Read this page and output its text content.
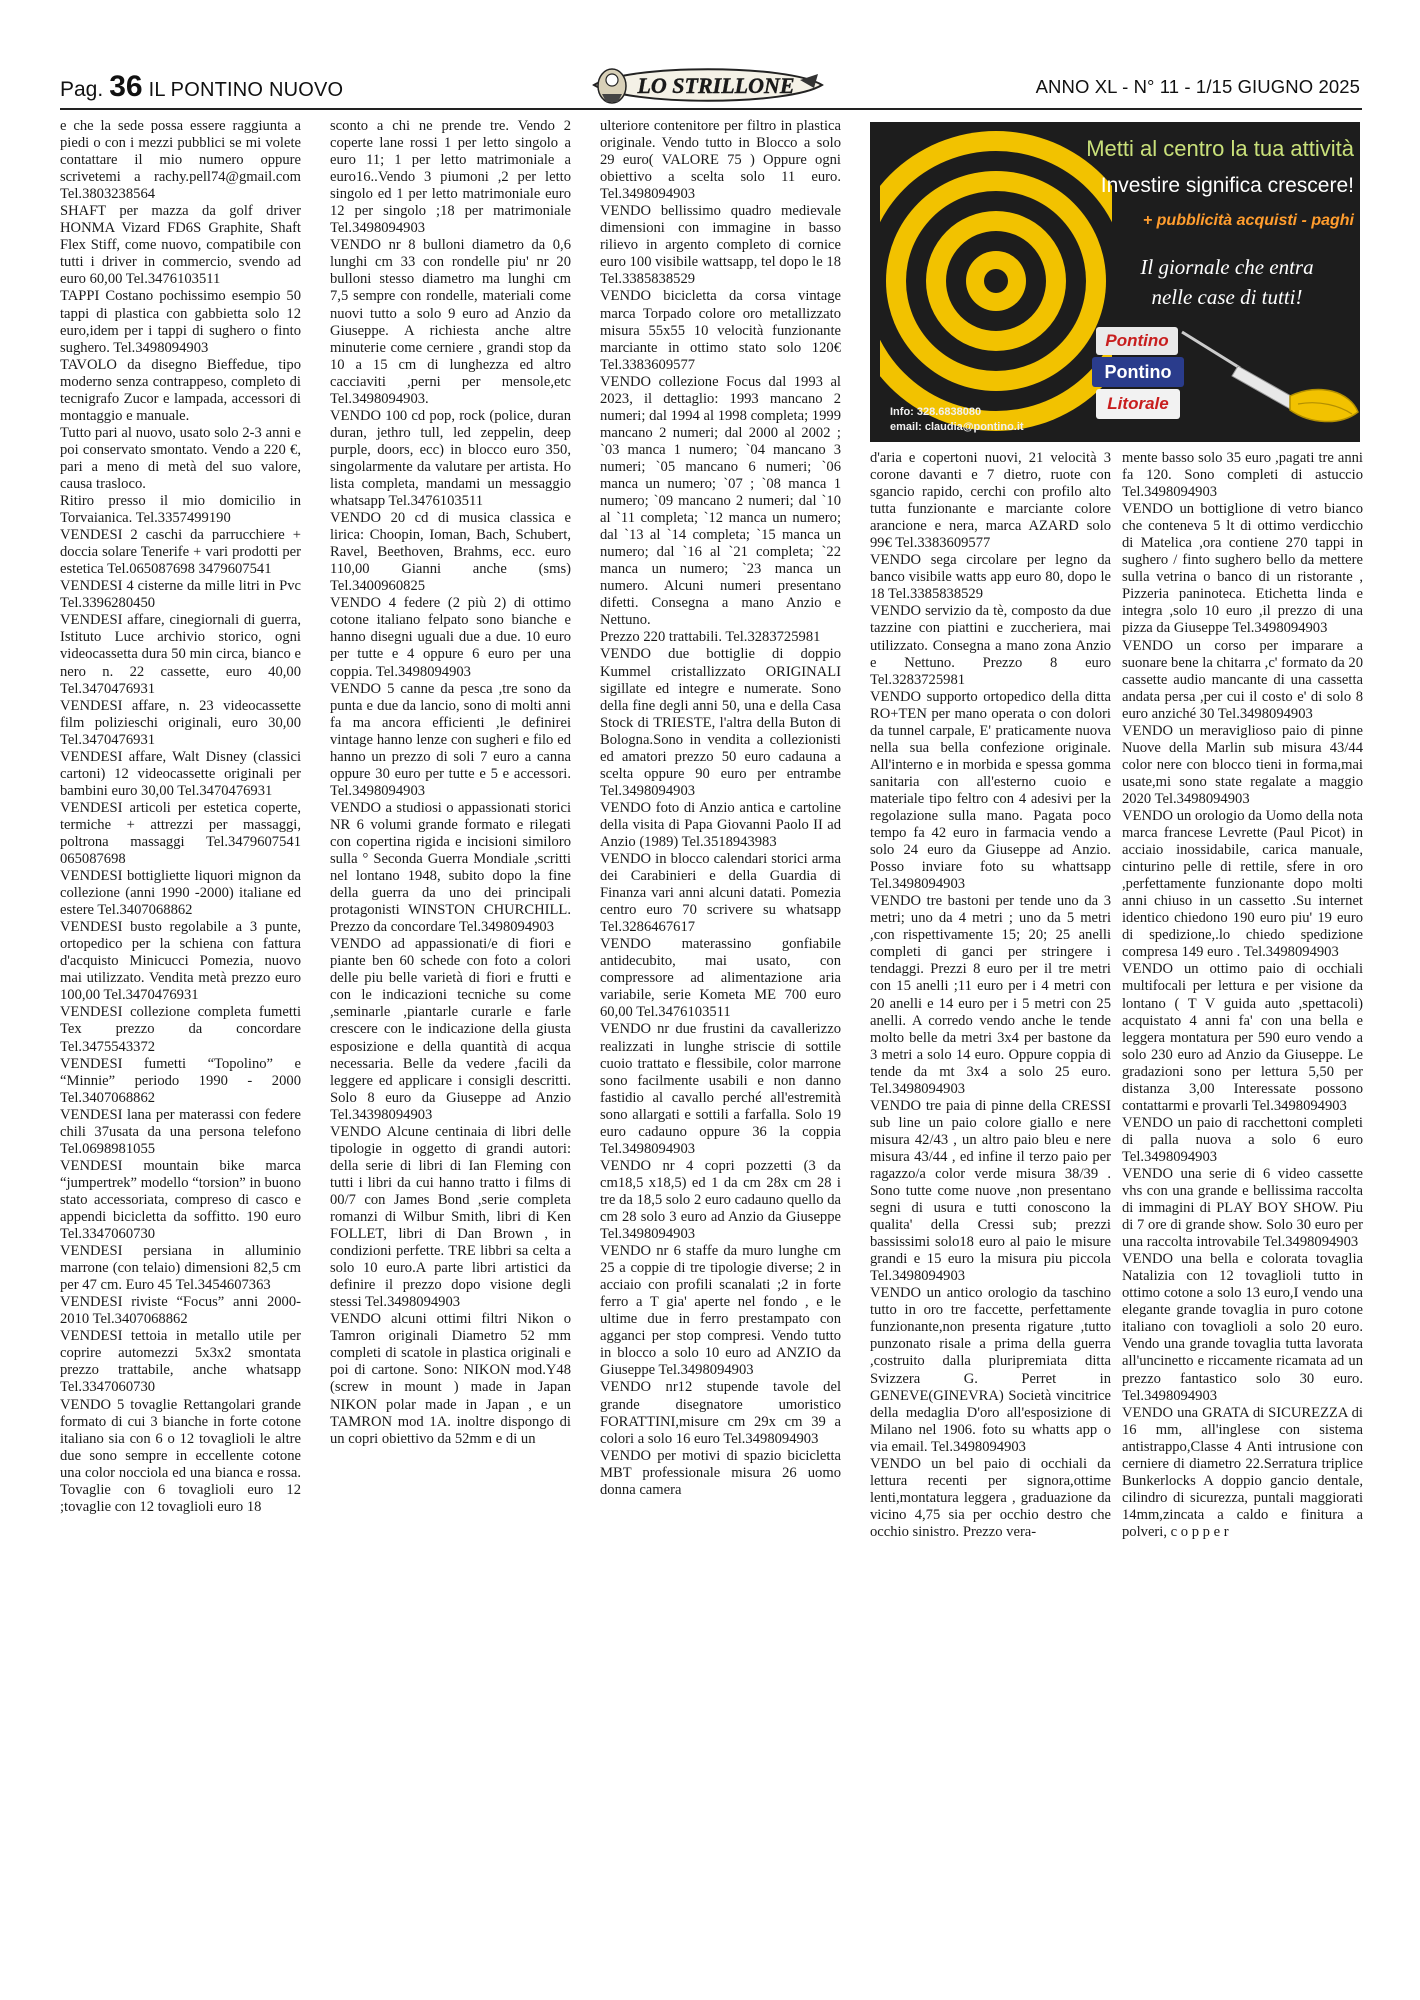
Pag. 36 IL PONTINO NUOVO	LO STRILLONE	ANNO XL - N° 11 - 1/15 GIUGNO 2025

e che la sede possa essere raggiunta a piedi o con i mezzi pubblici se mi volete contattare il mio numero oppure scrivetemi a rachy.pell74@gmail.com Tel.3803238564

SHAFT per mazza da golf driver HONMA Vizard FD6S Graphite, Shaft Flex Stiff, come nuovo, compatibile con tutti i driver in commercio, svendo ad euro 60,00 Tel.3476103511

TAPPI Costano pochissimo esempio 50 tappi di plastica con gabbietta solo 12 euro,idem per i tappi di sughero o finto sughero. Tel.3498094903

TAVOLO da disegno Bieffedue, tipo moderno senza contrappeso, completo di tecnigrafo Zucor e lampada, accessori di montaggio e manuale.

Tutto pari al nuovo, usato solo 2-3 anni e poi conservato smontato. Vendo a 220 €, pari a meno di metà del suo valore, causa trasloco.

Ritiro presso il mio domicilio in Torvaianica. Tel.3357499190

VENDESI 2 caschi da parrucchiere + doccia solare Tenerife + vari prodotti per estetica Tel.065087698 3479607541

VENDESI 4 cisterne da mille litri in Pvc Tel.3396280450

VENDESI affare, cinegiornali di guerra, Istituto Luce archivio storico, ogni videocassetta dura 50 min circa, bianco e nero n. 22 cassette, euro 40,00 Tel.3470476931

VENDESI affare, n. 23 videocassette film polizieschi originali, euro 30,00 Tel.3470476931

VENDESI affare, Walt Disney (classici cartoni) 12 videocassette originali per bambini euro 30,00 Tel.3470476931

VENDESI articoli per estetica coperte, termiche + attrezzi per massaggi, poltrona massaggi Tel.3479607541 065087698

VENDESI bottigliette liquori mignon da collezione (anni 1990 -2000) italiane ed estere Tel.3407068862

VENDESI busto regolabile a 3 punte, ortopedico per la schiena con fattura d'acquisto Minicucci Pomezia, nuovo mai utilizzato. Vendita metà prezzo euro 100,00 Tel.3470476931

VENDESI collezione completa fumetti Tex prezzo da concordare Tel.3475543372

VENDESI fumetti “Topolino” e “Minnie” periodo 1990 - 2000 Tel.3407068862

VENDESI lana per materassi con federe chili 37usata da una persona telefono Tel.0698981055

VENDESI mountain bike marca “jumpertrek” modello “torsion” in buono stato accessoriata, compreso di casco e appendi bicicletta da soffitto. 190 euro Tel.3347060730

VENDESI persiana in alluminio marrone (con telaio) dimensioni 82,5 cm per 47 cm. Euro 45 Tel.3454607363

VENDESI riviste “Focus” anni 2000-2010 Tel.3407068862

VENDESI tettoia in metallo utile per coprire automezzi 5x3x2 smontata prezzo trattabile, anche whatsapp Tel.3347060730

VENDO 5 tovaglie Rettangolari grande formato di cui 3 bianche in forte cotone italiano sia con 6 o 12 tovaglioli le altre due sono sempre in eccellente cotone una color nocciola ed una bianca e rossa. Tovaglie con 6 tovaglioli euro 12 ;tovaglie con 12 tovaglioli euro 18

sconto a chi ne prende tre. Vendo 2 coperte lane rossi 1 per letto singolo a euro 11; 1 per letto matrimoniale a euro16..Vendo 3 piumoni ,2 per letto singolo ed 1 per letto matrimoniale euro 12 per singolo ;18 per matrimoniale Tel.3498094903

VENDO nr 8 bulloni diametro da 0,6 lunghi cm 33 con rondelle piu' nr 20 bulloni stesso diametro ma lunghi cm 7,5 sempre con rondelle, materiali come nuovi tutto a solo 9 euro ad Anzio da Giuseppe. A richiesta anche altre minuterie come cerniere , grandi stop da 10 a 15 cm di lunghezza ed altro cacciaviti ,perni per mensole,etc Tel.3498094903.

VENDO 100 cd pop, rock (police, duran duran, jethro tull, led zeppelin, deep purple, doors, ecc) in blocco euro 350, singolarmente da valutare per artista. Ho lista completa, mandami un messaggio whatsapp Tel.3476103511

VENDO 20 cd di musica classica e lirica: Choopin, Ioman, Bach, Schubert, Ravel, Beethoven, Brahms, ecc. euro 110,00 Gianni anche (sms) Tel.3400960825

VENDO 4 federe (2 più 2) di ottimo cotone italiano felpato sono bianche e hanno disegni uguali due a due. 10 euro per tutte e 4 oppure 6 euro per una coppia. Tel.3498094903

VENDO 5 canne da pesca ,tre sono da punta e due da lancio, sono di molti anni fa ma ancora efficienti ,le definirei vintage hanno lenze con sugheri e filo ed hanno un prezzo di soli 7 euro a canna oppure 30 euro per tutte e 5 e accessori. Tel.3498094903

VENDO a studiosi o appassionati storici NR 6 volumi grande formato e rilegati con copertina rigida e incisioni similoro sulla ° Seconda Guerra Mondiale ,scritti nel lontano 1948, subito dopo la fine della guerra da uno dei principali protagonisti WINSTON CHURCHILL. Prezzo da concordare Tel.3498094903

VENDO ad appassionati/e di fiori e piante ben 60 schede con foto a colori delle piu belle varietà di fiori e frutti e con le indicazioni tecniche su come ,seminarle ,piantarle curarle e farle crescere con le indicazione della giusta esposizione e della quantità di acqua necessaria. Belle da vedere ,facili da leggere ed applicare i consigli descritti. Solo 8 euro da Giuseppe ad Anzio Tel.34398094903

VENDO Alcune centinaia di libri delle tipologie in oggetto di grandi autori: della serie di libri di Ian Fleming con tutti i libri da cui hanno tratto i films di 00/7 con James Bond ,serie completa romanzi di Wilbur Smith, libri di Ken FOLLET, libri di Dan Brown , in condizioni perfette. TRE libbri sa celta a solo 10 euro.A parte libri artistici da definire il prezzo dopo visione degli stessi Tel.3498094903

VENDO alcuni ottimi filtri Nikon o Tamron originali Diametro 52 mm completi di scatole in plastica originali e poi di cartone. Sono: NIKON mod.Y48 (screw in mount ) made in Japan NIKON polar made in Japan , e un TAMRON mod 1A. inoltre dispongo di un copri obiettivo da 52mm e di un

ulteriore contenitore per filtro in plastica originale. Vendo tutto in Blocco a solo 29 euro( VALORE 75 ) Oppure ogni obiettivo a scelta solo 11 euro. Tel.3498094903

VENDO bellissimo quadro medievale dimensioni con immagine in basso rilievo in argento completo di cornice euro 100 visibile wattsapp, tel dopo le 18 Tel.3385838529

VENDO bicicletta da corsa vintage marca Torpado colore oro metallizzato misura 55x55 10 velocità funzionante marciante in ottimo stato solo 120€ Tel.3383609577

VENDO collezione Focus dal 1993 al 2023, il dettaglio: 1993 mancano 2 numeri; dal 1994 al 1998 completa; 1999 mancano 2 numeri; dal 2000 al 2002 ; `03 manca 1 numero; `04 mancano 3 numeri; `05 mancano 6 numeri; `06 manca un numero; `07 ; `08 manca 1 numero; `09 mancano 2 numeri; dal `10 al `11 completa; `12 manca un numero; dal `13 al `14 completa; `15 manca un numero; dal `16 al `21 completa; `22 manca un numero; `23 manca un numero. Alcuni numeri presentano difetti. Consegna a mano Anzio e Nettuno.

Prezzo 220 trattabili. Tel.3283725981

VENDO due bottiglie di doppio Kummel cristallizzato ORIGINALI sigillate ed integre e numerate. Sono della fine degli anni 50, una e della Casa Stock di TRIESTE, l'altra della Buton di Bologna.Sono in vendita a collezionisti ed amatori prezzo 50 euro cadauna a scelta oppure 90 euro per entrambe Tel.3498094903

VENDO foto di Anzio antica e cartoline della visita di Papa Giovanni Paolo II ad Anzio (1989) Tel.3518943983

VENDO in blocco calendari storici arma dei Carabinieri e della Guardia di Finanza vari anni alcuni datati. Pomezia centro euro 70 scrivere su whatsapp Tel.3286467617

VENDO materassino gonfiabile antidecubito, mai usato, con compressore ad alimentazione aria variabile, serie Kometa ME 700 euro 60,00 Tel.3476103511

VENDO nr due frustini da cavallerizzo realizzati in lunghe striscie di sottile cuoio trattato e flessibile, color marrone sono facilmente usabili e non danno fastidio al cavallo perché all'estremità sono allargati e sottili a farfalla. Solo 19 euro cadauno oppure 36 la coppia Tel.3498094903

VENDO nr 4 copri pozzetti (3 da cm18,5 x18,5) ed 1 da cm 28x cm 28 i tre da 18,5 solo 2 euro cadauno quello da cm 28 solo 3 euro ad Anzio da Giuseppe Tel.3498094903

VENDO nr 6 staffe da muro lunghe cm 25 a coppie di tre tipologie diverse; 2 in acciaio con profili scanalati ;2 in forte ferro a T gia' aperte nel fondo , e le ultime due in ferro prestampato con agganci per stop compresi. Vendo tutto in blocco a solo 10 euro ad ANZIO da Giuseppe Tel.3498094903

VENDO nr12 stupende tavole del grande disegnatore umoristico FORATTINI,misure cm 29x cm 39 a colori a solo 16 euro Tel.3498094903

VENDO per motivi di spazio bicicletta MBT professionale misura 26 uomo donna camera

Metti al centro la tua attività
Investire significa crescere!
+ pubblicità acquisti - paghi
Il giornale che entra
nelle case di tutti!
Pontino
Pontino
Litorale
Info: 328.6838080
email: claudia@pontino.it

d'aria e copertoni nuovi, 21 velocità 3 corone davanti e 7 dietro, ruote con sgancio rapido, cerchi con profilo alto tutta funzionante e marciante colore arancione e nera, marca AZARD solo 99€ Tel.3383609577

VENDO sega circolare per legno da banco visibile watts app euro 80, dopo le 18 Tel.3385838529

VENDO servizio da tè, composto da due tazzine con piattini e zuccheriera, mai utilizzato. Consegna a mano zona Anzio e Nettuno. Prezzo 8 euro Tel.3283725981

VENDO supporto ortopedico della ditta RO+TEN per mano operata o con dolori da tunnel carpale, E' praticamente nuova nella sua bella confezione originale. All'interno e in morbida e spessa gomma sanitaria con all'esterno cuoio e materiale tipo feltro con 4 adesivi per la regolazione sulla mano. Pagata poco tempo fa 42 euro in farmacia vendo a solo 24 euro da Giuseppe ad Anzio. Posso inviare foto su whattsapp Tel.3498094903

VENDO tre bastoni per tende uno da 3 metri; uno da 4 metri ; uno da 5 metri ,con rispettivamente 15; 20; 25 anelli completi di ganci per stringere i tendaggi. Prezzi 8 euro per il tre metri con 15 anelli ;11 euro per i 4 metri con 20 anelli e 14 euro per i 5 metri con 25 anelli. A corredo vendo anche le tende molto belle da metri 3x4 per bastone da 3 metri a solo 14 euro. Oppure coppia di tende da mt 3x4 a solo 25 euro. Tel.3498094903

VENDO tre paia di pinne della CRESSI sub line un paio colore giallo e nere misura 42/43 , un altro paio bleu e nere misura 43/44 , ed infine il terzo paio per ragazzo/a color verde misura 38/39 . Sono tutte come nuove ,non presentano segni di usura e tutti conoscono la qualita' della Cressi sub; prezzi bassissimi solo18 euro al paio le misure grandi e 15 euro la misura piu piccola Tel.3498094903

VENDO un antico orologio da taschino tutto in oro tre faccette, perfettamente funzionante,non presenta rigature ,tutto punzonato risale a prima della guerra ,costruito dalla pluripremiata ditta Svizzera G. Perret in GENEVE(GINEVRA) Società vincitrice della medaglia D'oro all'esposizione di Milano nel 1906. foto su whatts app o via email. Tel.3498094903

VENDO un bel paio di occhiali da lettura recenti per signora,ottime lenti,montatura leggera , graduazione da vicino 4,75 sia per occhio destro che occhio sinistro. Prezzo vera-

mente basso solo 35 euro ,pagati tre anni fa 120. Sono completi di astuccio Tel.3498094903

VENDO un bottiglione di vetro bianco che conteneva 5 lt di ottimo verdicchio di Matelica ,ora contiene 270 tappi in sughero / finto sughero bello da mettere sulla vetrina o banco di un ristorante , Pizzeria paninoteca. Etichetta linda e integra ,solo 10 euro ,il prezzo di una pizza da Giuseppe Tel.3498094903

VENDO un corso per imparare a suonare bene la chitarra ,c' formato da 20 cassette audio mancante di una cassetta andata persa ,per cui il costo e' di solo 8 euro anziché 30 Tel.3498094903

VENDO un meraviglioso paio di pinne Nuove della Marlin sub misura 43/44 color nere con blocco tieni in forma,mai usate,mi sono state regalate a maggio 2020 Tel.3498094903

VENDO un orologio da Uomo della nota marca francese Levrette (Paul Picot) in acciaio inossidabile, carica manuale, cinturino pelle di rettile, sfere in oro ,perfettamente funzionante dopo molti anni chiuso in un cassetto .Su internet identico chiedono 190 euro piu' 19 euro di spedizione,.lo chiedo spedizione compresa 149 euro . Tel.3498094903

VENDO un ottimo paio di occhiali multifocali per lettura e per visione da lontano ( T V guida auto ,spettacoli) acquistato 4 anni fa' con una bella e leggera montatura per 590 euro vendo a solo 230 euro ad Anzio da Giuseppe. Le gradazioni sono per lettura 5,50 per distanza 3,00 Interessate possono contattarmi e provarli Tel.3498094903

VENDO un paio di racchettoni completi di palla nuova a solo 6 euro Tel.3498094903

VENDO una serie di 6 video cassette vhs con una grande e bellissima raccolta di immagini di PLAY BOY SHOW. Piu di 7 ore di grande show. Solo 30 euro per una raccolta introvabile Tel.3498094903

VENDO una bella e colorata tovaglia Natalizia con 12 tovaglioli tutto in ottimo cotone a solo 13 euro,I vendo una elegante grande tovaglia in puro cotone italiano con tovaglioli a solo 20 euro. Vendo una grande tovaglia tutta lavorata all'uncinetto e riccamente ricamata ad un prezzo fantastico solo 30 euro. Tel.3498094903

VENDO una GRATA di SICUREZZA di 16 mm, all'inglese con sistema antistrappo,Classe 4 Anti intrusione con cerniere di diametro 22.Serratura triplice Bunkerlocks A doppio gancio dentale, cilindro di sicurezza, puntali maggiorati 14mm,zincata a caldo e finitura a polveri, c o p p e r
